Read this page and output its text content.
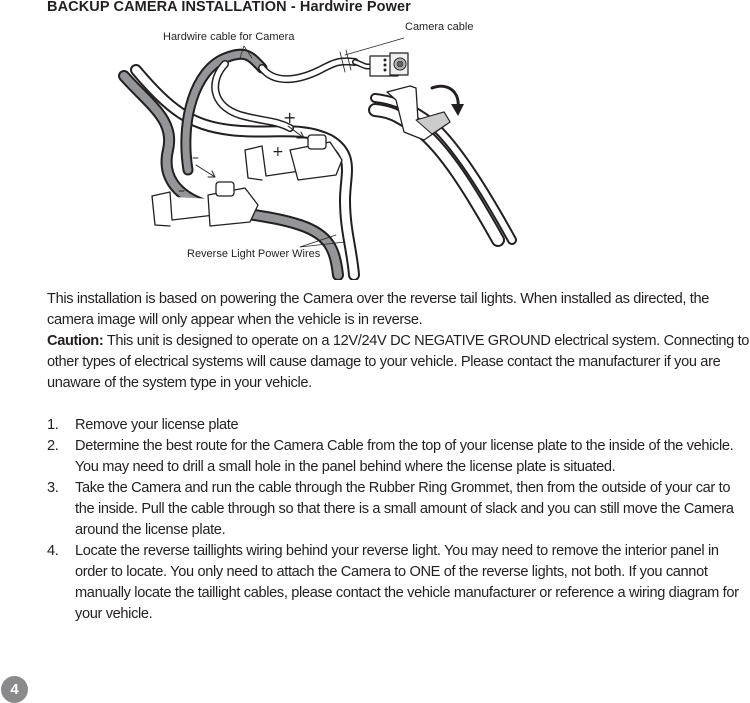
BACKUP CAMERA INSTALLATION - Hardwire Power
+
+
–
–
Hardwire cable for Camera
Camera cable
Reverse Light Power Wires

This installation is based on powering the Camera over the reverse tail lights. When installed as directed, the camera image will only appear when the vehicle is in reverse.

Caution: This unit is designed to operate on a 12V/24V DC NEGATIVE GROUND electrical system. Connecting to other types of electrical systems will cause damage to your vehicle. Please contact the manufacturer if you are unaware of the system type in your vehicle.

1. Remove your license plate
2. Determine the best route for the Camera Cable from the top of your license plate to the inside of the vehicle. You may need to drill a small hole in the panel behind where the license plate is situated.
3. Take the Camera and run the cable through the Rubber Ring Grommet, then from the outside of your car to the inside. Pull the cable through so that there is a small amount of slack and you can still move the Camera around the license plate.
4. Locate the reverse taillights wiring behind your reverse light. You may need to remove the interior panel in order to locate. You only need to attach the Camera to ONE of the reverse lights, not both. If you cannot manually locate the taillight cables, please contact the vehicle manufacturer or reference a wiring diagram for your vehicle.
4
